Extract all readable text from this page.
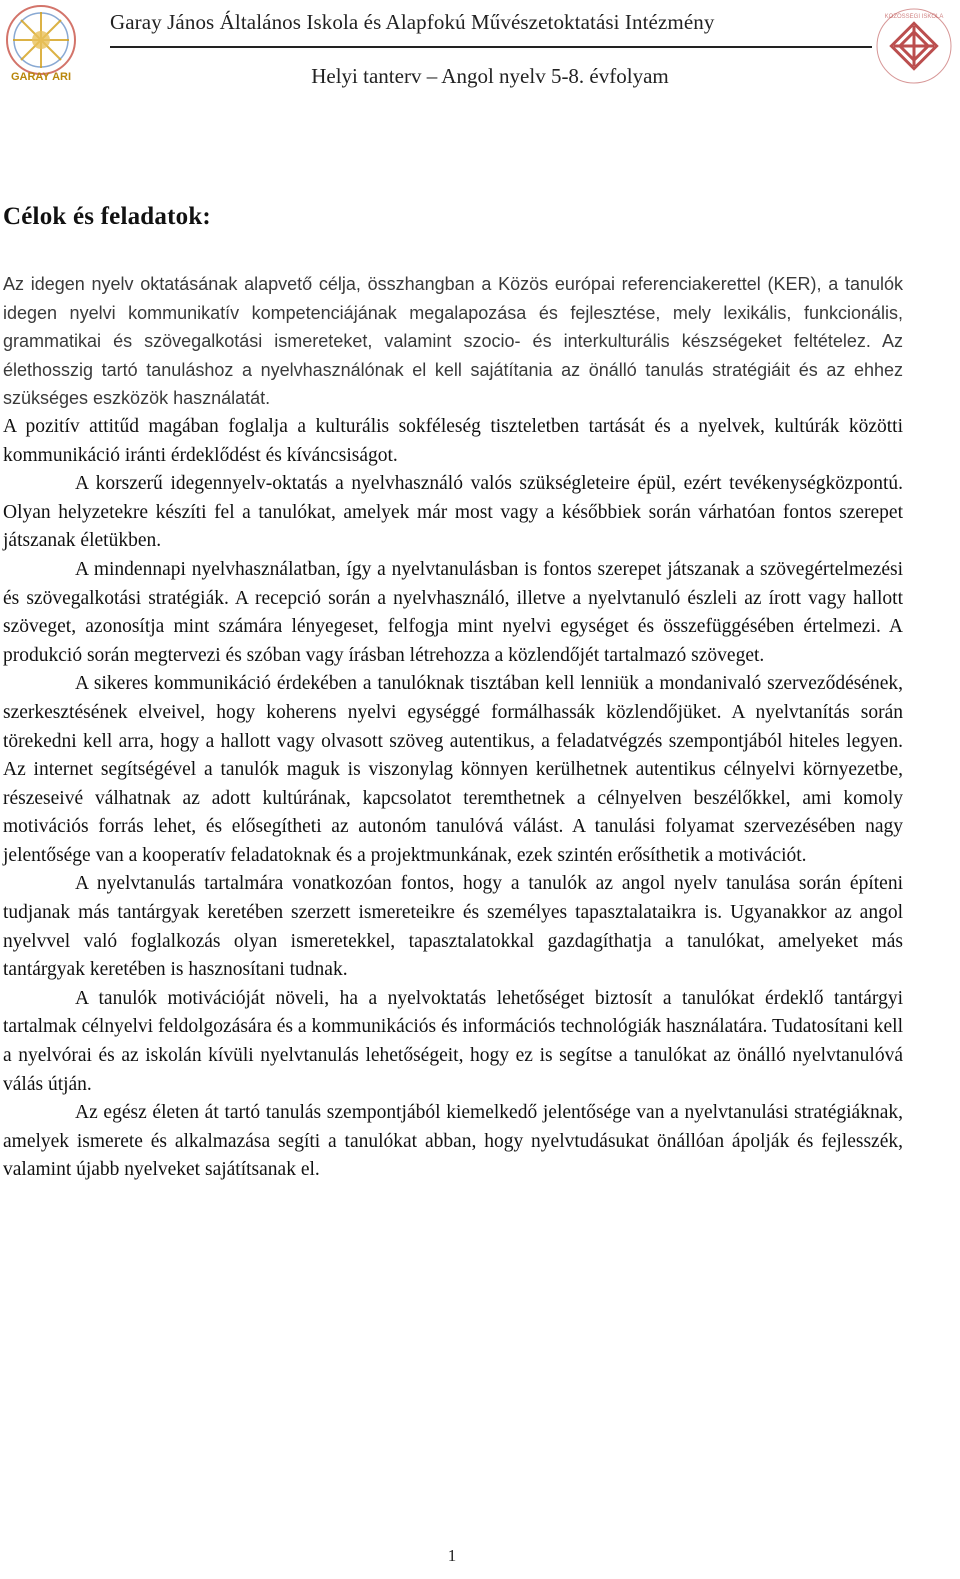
GARAY ARI
Garay János Általános Iskola és Alapfokú Művészetoktatási Intézmény
Helyi tanterv – Angol nyelv 5-8. évfolyam
KÖZÖSSÉGI ISKOLA
Célok és feladatok:

Az idegen nyelv oktatásának alapvető célja, összhangban a Közös európai referenciakerettel (KER), a tanulók idegen nyelvi kommunikatív kompetenciájának megalapozása és fejlesztése, mely lexikális, funkcionális, grammatikai és szövegalkotási ismereteket, valamint szocio- és interkulturális készségeket feltételez. Az élethosszig tartó tanuláshoz a nyelvhasználónak el kell sajátítania az önálló tanulás stratégiáit és az ehhez szükséges eszközök használatát.

A pozitív attitűd magában foglalja a kulturális sokféleség tiszteletben tartását és a nyelvek, kultúrák közötti kommunikáció iránti érdeklődést és kíváncsiságot.

A korszerű idegennyelv-oktatás a nyelvhasználó valós szükségleteire épül, ezért tevékenységközpontú. Olyan helyzetekre készíti fel a tanulókat, amelyek már most vagy a későbbiek során várhatóan fontos szerepet játszanak életükben.

A mindennapi nyelvhasználatban, így a nyelvtanulásban is fontos szerepet játszanak a szövegértelmezési és szövegalkotási stratégiák. A recepció során a nyelvhasználó, illetve a nyelvtanuló észleli az írott vagy hallott szöveget, azonosítja mint számára lényegeset, felfogja mint nyelvi egységet és összefüggésében értelmezi. A produkció során megtervezi és szóban vagy írásban létrehozza a közlendőjét tartalmazó szöveget.

A sikeres kommunikáció érdekében a tanulóknak tisztában kell lenniük a mondanivaló szerveződésének, szerkesztésének elveivel, hogy koherens nyelvi egységgé formálhassák közlendőjüket. A nyelvtanítás során törekedni kell arra, hogy a hallott vagy olvasott szöveg autentikus, a feladatvégzés szempontjából hiteles legyen. Az internet segítségével a tanulók maguk is viszonylag könnyen kerülhetnek autentikus célnyelvi környezetbe, részeseivé válhatnak az adott kultúrának, kapcsolatot teremthetnek a célnyelven beszélőkkel, ami komoly motivációs forrás lehet, és elősegítheti az autonóm tanulóvá válást. A tanulási folyamat szervezésében nagy jelentősége van a kooperatív feladatoknak és a projektmunkának, ezek szintén erősíthetik a motivációt.

A nyelvtanulás tartalmára vonatkozóan fontos, hogy a tanulók az angol nyelv tanulása során építeni tudjanak más tantárgyak keretében szerzett ismereteikre és személyes tapasztalataikra is. Ugyanakkor az angol nyelvvel való foglalkozás olyan ismeretekkel, tapasztalatokkal gazdagíthatja a tanulókat, amelyeket más tantárgyak keretében is hasznosítani tudnak.

A tanulók motivációját növeli, ha a nyelvoktatás lehetőséget biztosít a tanulókat érdeklő tantárgyi tartalmak célnyelvi feldolgozására és a kommunikációs és információs technológiák használatára. Tudatosítani kell a nyelvórai és az iskolán kívüli nyelvtanulás lehetőségeit, hogy ez is segítse a tanulókat az önálló nyelvtanulóvá válás útján.

Az egész életen át tartó tanulás szempontjából kiemelkedő jelentősége van a nyelvtanulási stratégiáknak, amelyek ismerete és alkalmazása segíti a tanulókat abban, hogy nyelvtudásukat önállóan ápolják és fejlesszék, valamint újabb nyelveket sajátítsanak el.

1
